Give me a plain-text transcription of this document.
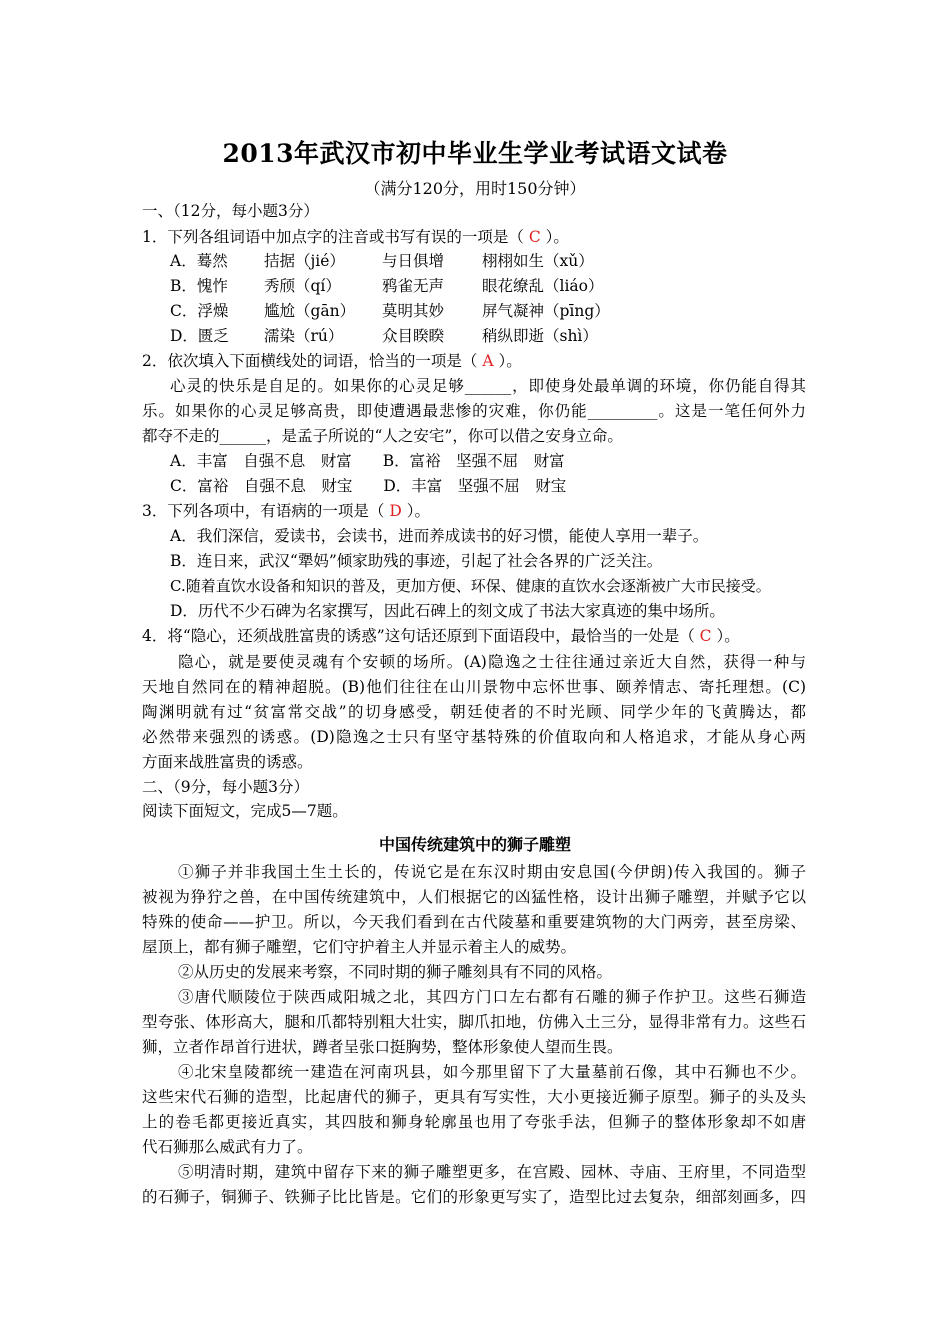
2013年武汉市初中毕业生学业考试语文试卷
（满分120分，用时150分钟）
一、（12分，每小题3分）
1．下列各组词语中加点字的注音或书写有误的一项是（ C ）。
A．蓦然 拮据（jié） 与日俱增 栩栩如生（xǔ）
B．愧怍 秀颀（qí）	鸦雀无声 眼花缭乱（liáo）
C．浮燥 尴尬（gān） 莫明其妙 屏气凝神（pīng）
D．匮乏 濡染（rú） 众目睽睽 稍纵即逝（shì）
2．依次填入下面横线处的词语，恰当的一项是（ A ）。
心灵的快乐是自足的。如果你的心灵足够______，即使身处最单调的环境，你仍能自得其
乐。如果你的心灵足够高贵，即使遭遇最悲惨的灾难，你仍能_________。这是一笔任何外力
都夺不走的______，是孟子所说的“人之安宅”，你可以借之安身立命。
A．丰富　自强不息　财富　　B．富裕　坚强不屈　财富
C．富裕　自强不息　财宝　　D．丰富　坚强不屈　财宝
3．下列各项中，有语病的一项是（ D ）。
A．我们深信，爱读书，会读书，进而养成读书的好习惯，能使人享用一辈子。
B．连日来，武汉“犟妈”倾家助残的事迹，引起了社会各界的广泛关注。
C.随着直饮水设备和知识的普及，更加方便、环保、健康的直饮水会逐渐被广大市民接受。
D．历代不少石碑为名家撰写，因此石碑上的刻文成了书法大家真迹的集中场所。
4．将“隐心，还须战胜富贵的诱惑”这句话还原到下面语段中，最恰当的一处是（ C ）。
隐心，就是要使灵魂有个安顿的场所。(A)隐逸之士往往通过亲近大自然，获得一种与
天地自然同在的精神超脱。(B)他们往往在山川景物中忘怀世事、颐养情志、寄托理想。(C)
陶渊明就有过“贫富常交战”的切身感受，朝廷使者的不时光顾、同学少年的飞黄腾达，都
必然带来强烈的诱惑。(D)隐逸之士只有坚守基特殊的价值取向和人格追求，才能从身心两
方面来战胜富贵的诱惑。
二、（9分，每小题3分）
阅读下面短文，完成5—7题。
中国传统建筑中的狮子雕塑
①狮子并非我国土生土长的，传说它是在东汉时期由安息国(今伊朗)传入我国的。狮子
被视为狰狞之兽，在中国传统建筑中，人们根据它的凶猛性格，设计出狮子雕塑，并赋予它以
特殊的使命——护卫。所以，今天我们看到在古代陵墓和重要建筑物的大门两旁，甚至房梁、
屋顶上，都有狮子雕塑，它们守护着主人并显示着主人的威势。
②从历史的发展来考察，不同时期的狮子雕刻具有不同的风格。
③唐代顺陵位于陕西咸阳城之北，其四方门口左右都有石雕的狮子作护卫。这些石狮造
型夸张、体形高大，腿和爪都特别粗大壮实，脚爪扣地，仿佛入土三分，显得非常有力。这些石
狮，立者作昂首行进状，蹲者呈张口挺胸势，整体形象使人望而生畏。
④北宋皇陵都统一建造在河南巩县，如今那里留下了大量墓前石像，其中石狮也不少。
这些宋代石狮的造型，比起唐代的狮子，更具有写实性，大小更接近狮子原型。狮子的头及头
上的卷毛都更接近真实，其四肢和狮身轮廓虽也用了夸张手法，但狮子的整体形象却不如唐
代石狮那么威武有力了。
⑤明清时期，建筑中留存下来的狮子雕塑更多，在宫殿、园林、寺庙、王府里，不同造型
的石狮子，铜狮子、铁狮子比比皆是。它们的形象更写实了，造型比过去复杂，细部刻画多，四
